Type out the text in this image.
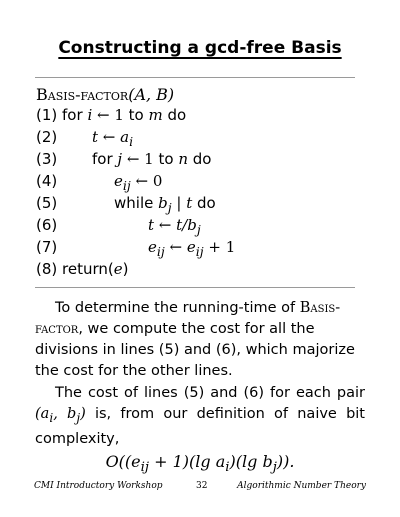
Constructing a gcd-free Basis
Basis-factor(A, B)
(1) for i ← 1 to m do
(2) t ← $a_i$
(3) for j ← 1 to n do
(4)	$e_{ij}$ ← 0
(5)	while $b_j$ | t do
(6)	t ← $t/b_j$
(7)	$e_{ij}$ ← $e_{ij} + 1$
(8) return(e)
To determine the running-time of Basis-factor, we compute the cost for all the divisions in lines (5) and (6), which majorize the cost for the other lines.
The cost of lines (5) and (6) for each pair ($a_i$, $b_j$) is, from our definition of naive bit complexity,
$O((e_{ij} + 1)(\lg$ $a_i)(\lg$ $b_j$)).
CMI Introductory Workshop	32	Algorithmic Number Theory
